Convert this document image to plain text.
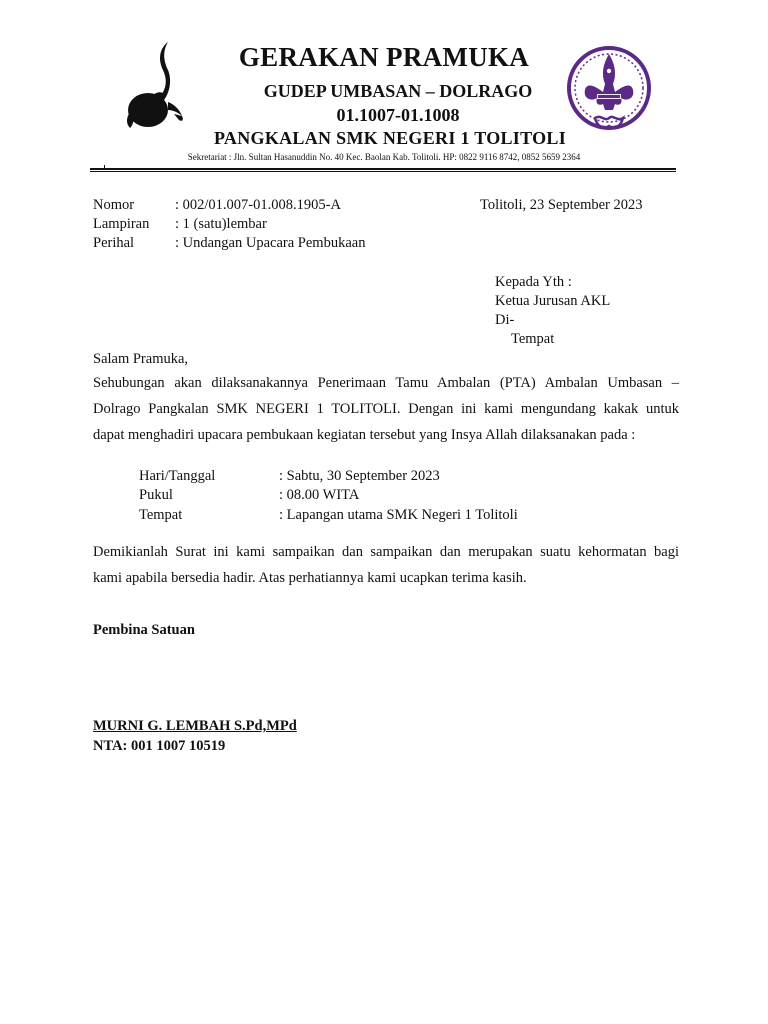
GERAKAN PRAMUKA
GUDEP UMBASAN – DOLRAGO
01.1007-01.1008
PANGKALAN SMK NEGERI 1 TOLITOLI
Sekretariat : Jln. Sultan Hasanuddin No. 40 Kec. Baolan Kab. Tolitoli. HP: 0822 9116 8742, 0852 5659 2364
Nomor	: 002/01.007-01.008.1905-A	Tolitoli, 23 September 2023
Lampiran : 1 (satu)lembar
Perihal	: Undangan Upacara Pembukaan
Kepada Yth :
Ketua Jurusan AKL
Di-
Tempat
Salam Pramuka,
Sehubungan akan dilaksanakannya Penerimaan Tamu Ambalan (PTA) Ambalan Umbasan –
Dolrago Pangkalan SMK NEGERI 1 TOLITOLI. Dengan ini kami mengundang kakak untuk
dapat menghadiri upacara pembukaan kegiatan tersebut yang Insya Allah dilaksanakan pada :
Hari/Tanggal	: Sabtu, 30 September 2023
Pukul	: 08.00 WITA
Tempat	: Lapangan utama SMK Negeri 1 Tolitoli
Demikianlah Surat ini kami sampaikan dan sampaikan dan merupakan suatu kehormatan bagi
kami apabila bersedia hadir. Atas perhatiannya kami ucapkan terima kasih.
Pembina Satuan
MURNI G. LEMBAH S.Pd,MPd
NTA: 001 1007 10519
